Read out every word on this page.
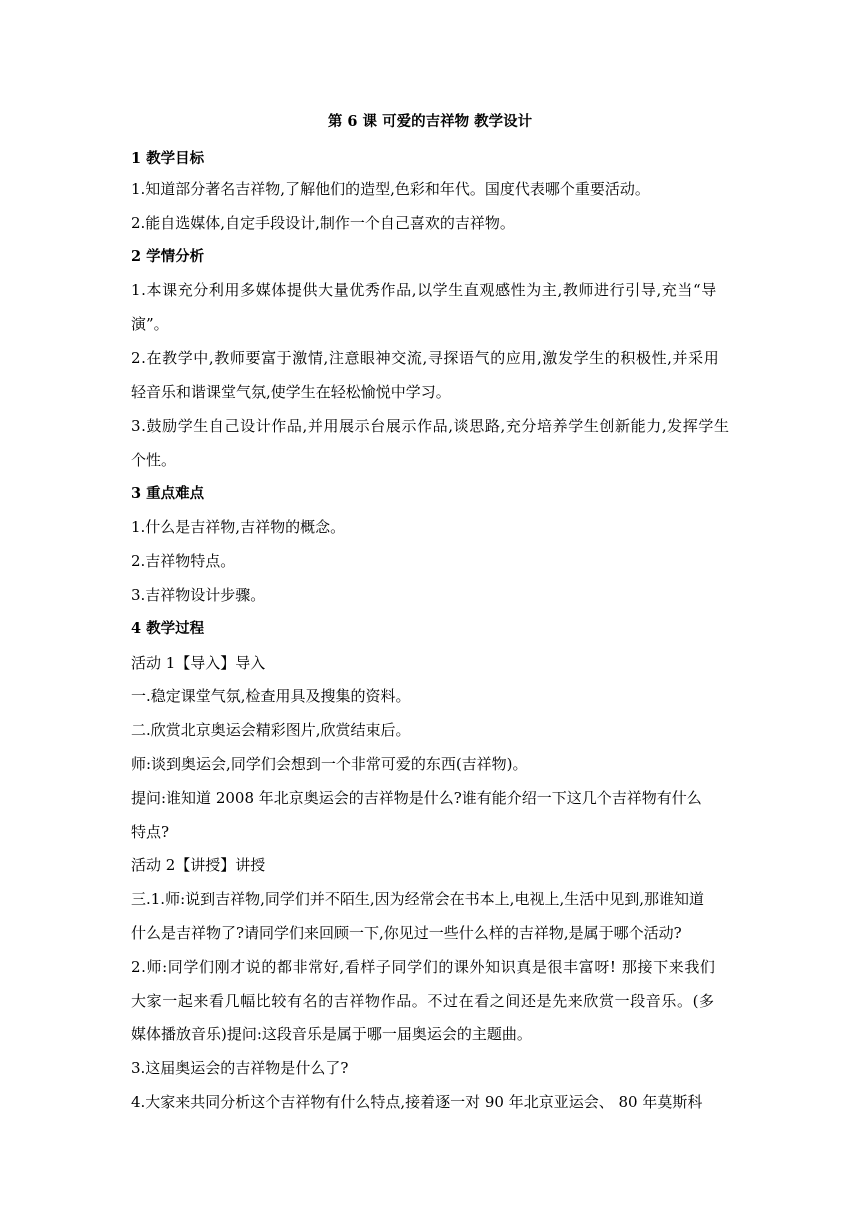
第 6 课 可爱的吉祥物 教学设计
1 教学目标
1.知道部分著名吉祥物,了解他们的造型,色彩和年代。国度代表哪个重要活动。
2.能自选媒体,自定手段设计,制作一个自己喜欢的吉祥物。
2 学情分析
1.本课充分利用多媒体提供大量优秀作品,以学生直观感性为主,教师进行引导,充当“导
演”。
2.在教学中,教师要富于激情,注意眼神交流,寻探语气的应用,激发学生的积极性,并采用
轻音乐和谐课堂气氛,使学生在轻松愉悦中学习。
3.鼓励学生自己设计作品,并用展示台展示作品,谈思路,充分培养学生创新能力,发挥学生
个性。
3 重点难点
1.什么是吉祥物,吉祥物的概念。
2.吉祥物特点。
3.吉祥物设计步骤。
4 教学过程
活动 1【导入】导入
一.稳定课堂气氛,检查用具及搜集的资料。
二.欣赏北京奥运会精彩图片,欣赏结束后。
师:谈到奥运会,同学们会想到一个非常可爱的东西(吉祥物)。
提问:谁知道 2008 年北京奥运会的吉祥物是什么?谁有能介绍一下这几个吉祥物有什么
特点?
活动 2【讲授】讲授
三.1.师:说到吉祥物,同学们并不陌生,因为经常会在书本上,电视上,生活中见到,那谁知道
什么是吉祥物了?请同学们来回顾一下,你见过一些什么样的吉祥物,是属于哪个活动?
2.师:同学们刚才说的都非常好,看样子同学们的课外知识真是很丰富呀! 那接下来我们
大家一起来看几幅比较有名的吉祥物作品。不过在看之间还是先来欣赏一段音乐。(多
媒体播放音乐)提问:这段音乐是属于哪一届奥运会的主题曲。
3.这届奥运会的吉祥物是什么了?
4.大家来共同分析这个吉祥物有什么特点,接着逐一对 90 年北京亚运会、 80 年莫斯科
